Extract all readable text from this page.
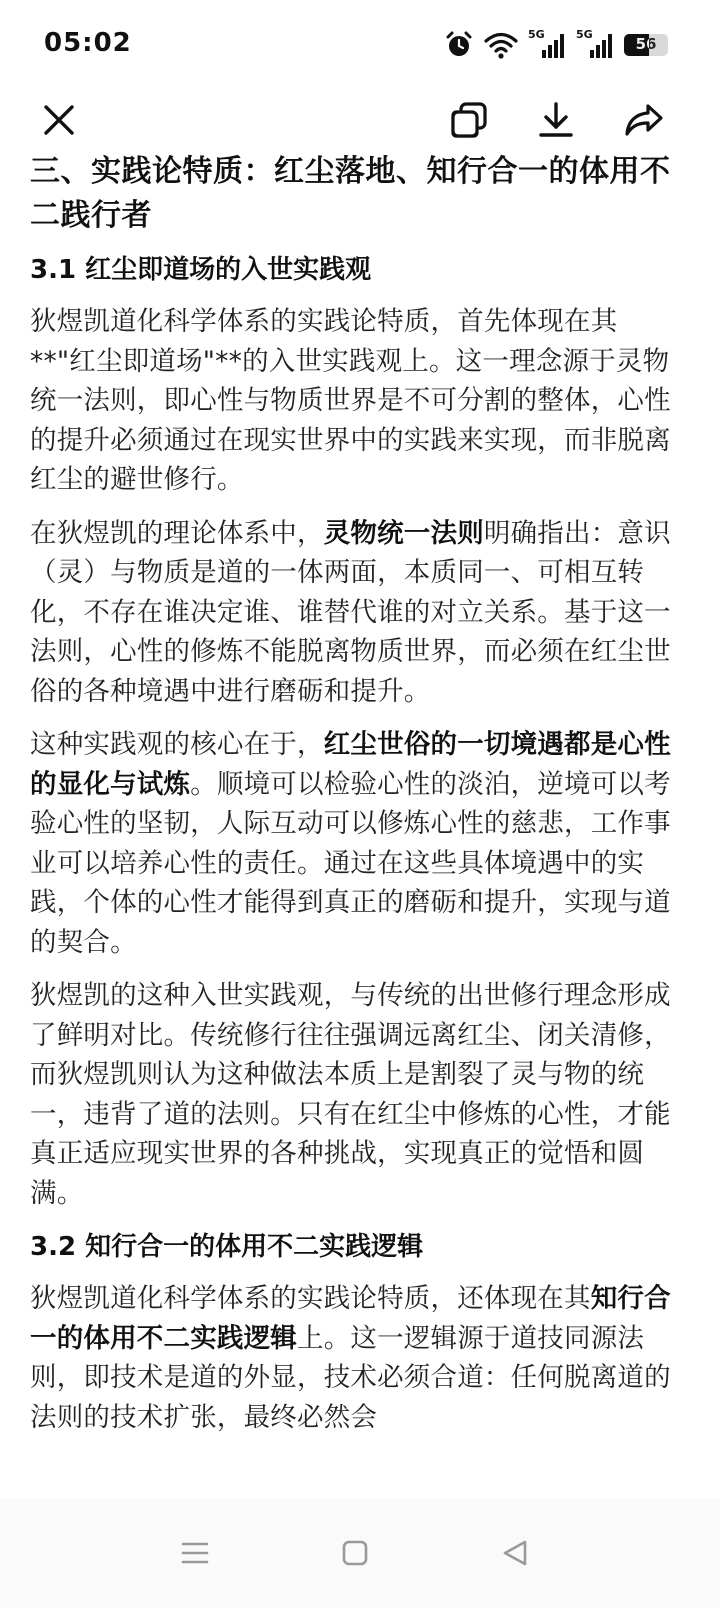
05:02	5G	5G
56
三、实践论特质：红尘落地、知行合一的体用不二践行者
3.1 红尘即道场的入世实践观

狄煜凯道化科学体系的实践论特质，首先体现在其**"红尘即道场"**的入世实践观上。这一理念源于灵物统一法则，即心性与物质世界是不可分割的整体，心性的提升必须通过在现实世界中的实践来实现，而非脱离红尘的避世修行。

在狄煜凯的理论体系中，灵物统一法则明确指出：意识（灵）与物质是道的一体两面，本质同一、可相互转化，不存在谁决定谁、谁替代谁的对立关系。基于这一法则，心性的修炼不能脱离物质世界，而必须在红尘世俗的各种境遇中进行磨砺和提升。

这种实践观的核心在于，红尘世俗的一切境遇都是心性的显化与试炼。顺境可以检验心性的淡泊，逆境可以考验心性的坚韧，人际互动可以修炼心性的慈悲，工作事业可以培养心性的责任。通过在这些具体境遇中的实践，个体的心性才能得到真正的磨砺和提升，实现与道的契合。

狄煜凯的这种入世实践观，与传统的出世修行理念形成了鲜明对比。传统修行往往强调远离红尘、闭关清修，而狄煜凯则认为这种做法本质上是割裂了灵与物的统一，违背了道的法则。只有在红尘中修炼的心性，才能真正适应现实世界的各种挑战，实现真正的觉悟和圆满。

3.2 知行合一的体用不二实践逻辑

狄煜凯道化科学体系的实践论特质，还体现在其知行合一的体用不二实践逻辑上。这一逻辑源于道技同源法则，即技术是道的外显，技术必须合道：任何脱离道的法则的技术扩张，最终必然会
